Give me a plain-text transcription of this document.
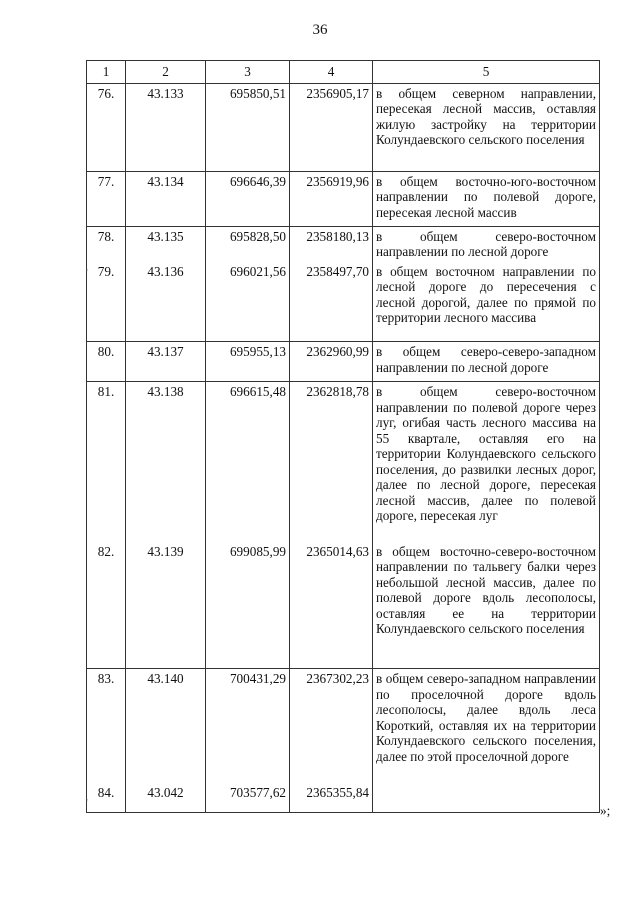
36
1	2	3	4	5
76.	43.133	695850,51	2356905,17	в общем северном направлении, пересекая лесной массив, оставляя жилую застройку на территории Колундаевского сельского поселения
77.	43.134	696646,39	2356919,96	в общем восточно-юго-восточном направлении по полевой дороге, пересекая лесной массив
78.	43.135	695828,50	2358180,13	в общем северо-восточном направлении по лесной дороге
79.	43.136	696021,56	2358497,70	в общем восточном направлении по лесной дороге до пересечения с лесной дорогой, далее по прямой по территории лесного массива
80.	43.137	695955,13	2362960,99	в общем северо-северо-западном направлении по лесной дороге
81.	43.138	696615,48	2362818,78	в общем северо-восточном направлении по полевой дороге через луг, огибая часть лесного массива на 55 квартале, оставляя его на территории Колундаевского сельского поселения, до развилки лесных дорог, далее по лесной дороге, пересекая лесной массив, далее по полевой дороге, пересекая луг
82.	43.139	699085,99	2365014,63	в общем восточно-северо-восточном направлении по тальвегу балки через небольшой лесной массив, далее по полевой дороге вдоль лесополосы, оставляя ее на территории Колундаевского сельского поселения
83.	43.140	700431,29	2367302,23	в общем северо-западном направлении по проселочной дороге вдоль лесополосы, далее вдоль леса Короткий, оставляя их на территории Колундаевского сельского поселения, далее по этой проселочной дороге
84.	43.042	703577,62	2365355,84	
»;
'
'
